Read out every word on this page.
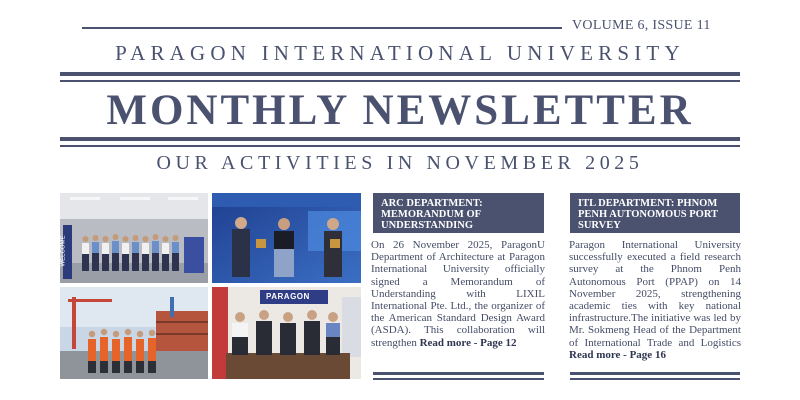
VOLUME 6, ISSUE 11
PARAGON INTERNATIONAL UNIVERSITY
MONTHLY NEWSLETTER
OUR ACTIVITIES IN NOVEMBER 2025
WELCOME
PARAGON
ARC DEPARTMENT: MEMORANDUM OF UNDERSTANDING
On 26 November 2025, ParagonU Department of Architecture at Paragon International University officially signed a Memorandum of Understanding with LIXIL International Pte. Ltd., the organizer of the American Standard Design Award (ASDA). This collaboration will strengthen Read more - Page 12
ITL DEPARTMENT: PHNOM PENH AUTONOMOUS PORT SURVEY
Paragon International University successfully executed a field research survey at the Phnom Penh Autonomous Port (PPAP) on 14 November 2025, strengthening academic ties with key national infrastructure.The initiative was led by Mr. Sokmeng Head of the Department of International Trade and Logistics Read more - Page 16
